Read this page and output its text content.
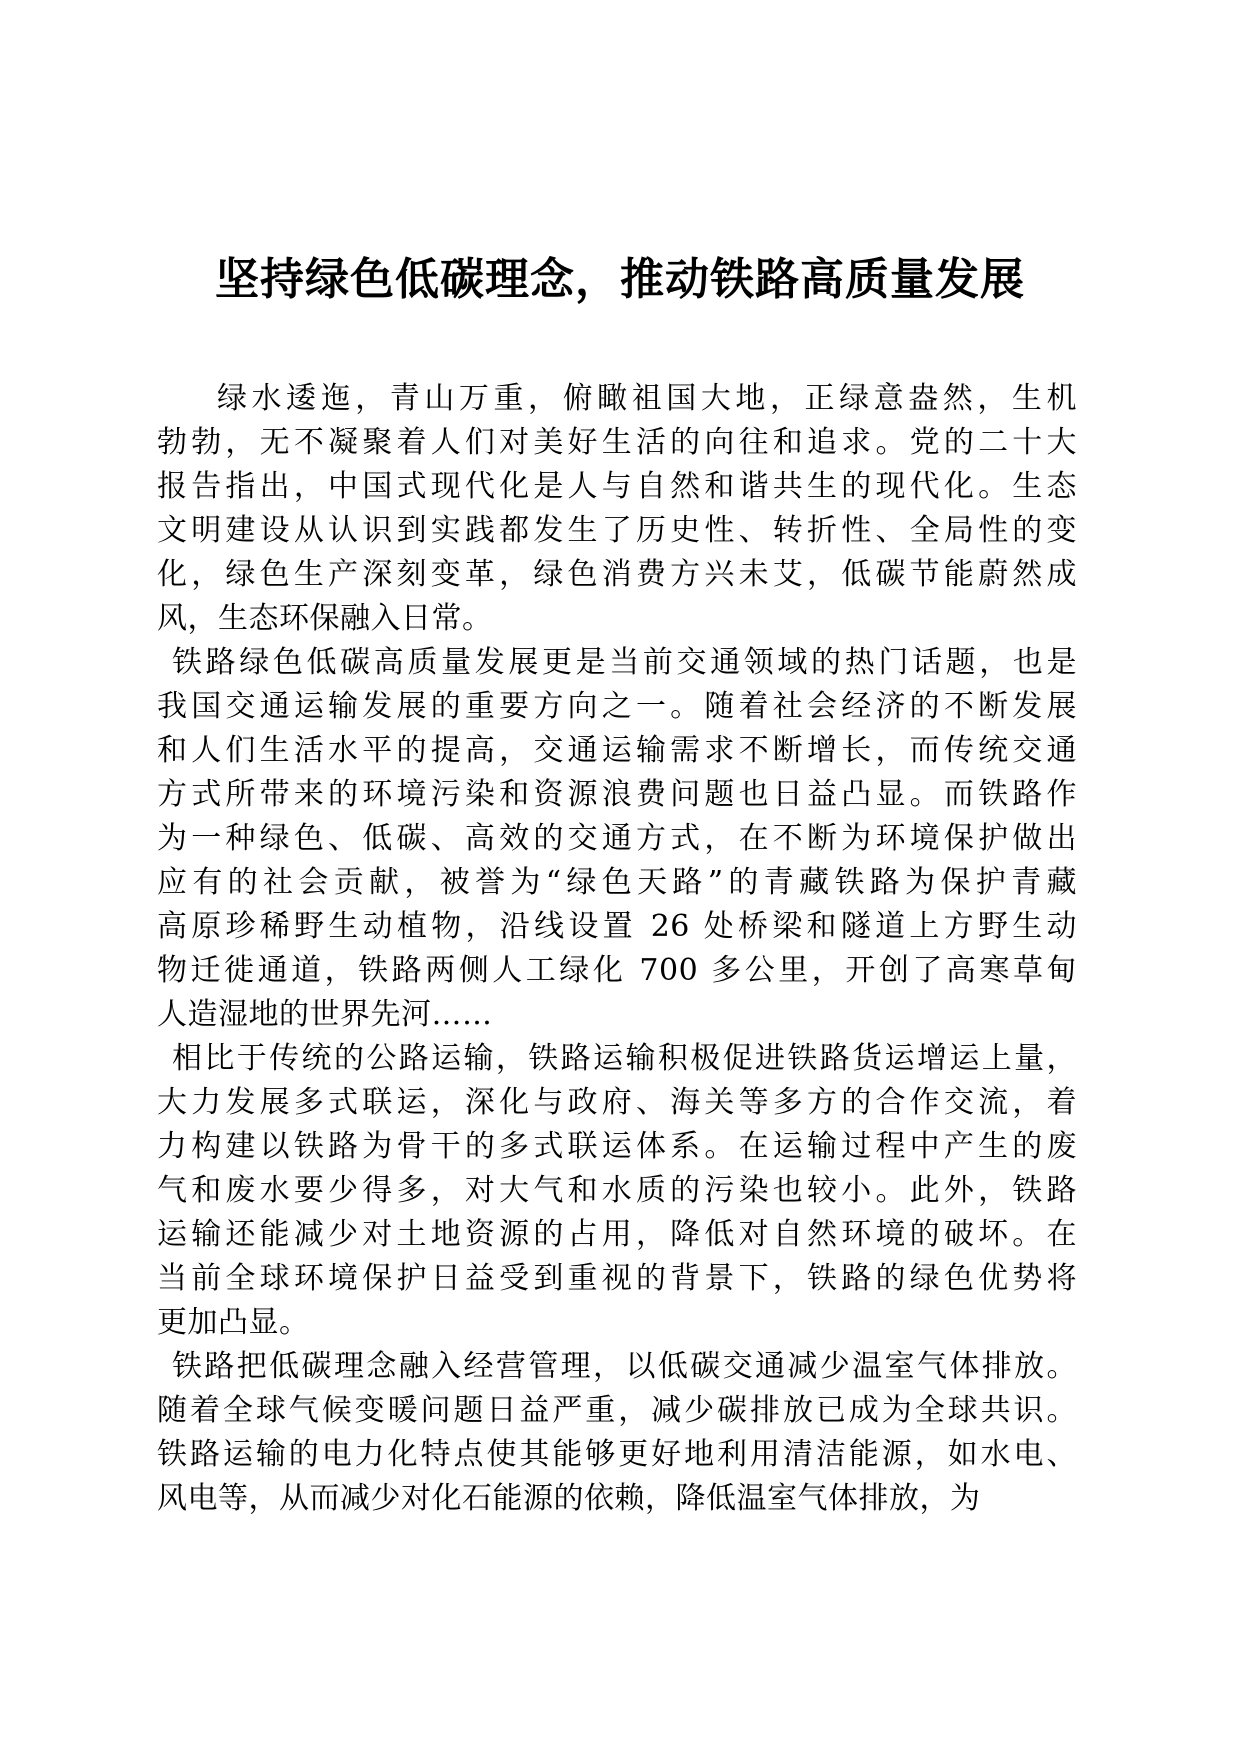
坚持绿色低碳理念，推动铁路高质量发展
绿水逶迤，青山万重，俯瞰祖国大地，正绿意盎然，生机
勃勃，无不凝聚着人们对美好生活的向往和追求。党的二十大
报告指出，中国式现代化是人与自然和谐共生的现代化。生态
文明建设从认识到实践都发生了历史性、转折性、全局性的变
化，绿色生产深刻变革，绿色消费方兴未艾，低碳节能蔚然成
风，生态环保融入日常。
铁路绿色低碳高质量发展更是当前交通领域的热门话题，也是
我国交通运输发展的重要方向之一。随着社会经济的不断发展
和人们生活水平的提高，交通运输需求不断增长，而传统交通
方式所带来的环境污染和资源浪费问题也日益凸显。而铁路作
为一种绿色、低碳、高效的交通方式，在不断为环境保护做出
应有的社会贡献，被誉为“绿色天路”的青藏铁路为保护青藏
高原珍稀野生动植物，沿线设置 26 处桥梁和隧道上方野生动
物迁徙通道，铁路两侧人工绿化 700 多公里，开创了高寒草甸
人造湿地的世界先河……
相比于传统的公路运输，铁路运输积极促进铁路货运增运上量，
大力发展多式联运，深化与政府、海关等多方的合作交流，着
力构建以铁路为骨干的多式联运体系。在运输过程中产生的废
气和废水要少得多，对大气和水质的污染也较小。此外，铁路
运输还能减少对土地资源的占用，降低对自然环境的破坏。在
当前全球环境保护日益受到重视的背景下，铁路的绿色优势将
更加凸显。
铁路把低碳理念融入经营管理，以低碳交通减少温室气体排放。
随着全球气候变暖问题日益严重，减少碳排放已成为全球共识。
铁路运输的电力化特点使其能够更好地利用清洁能源，如水电、
风电等，从而减少对化石能源的依赖，降低温室气体排放，为
